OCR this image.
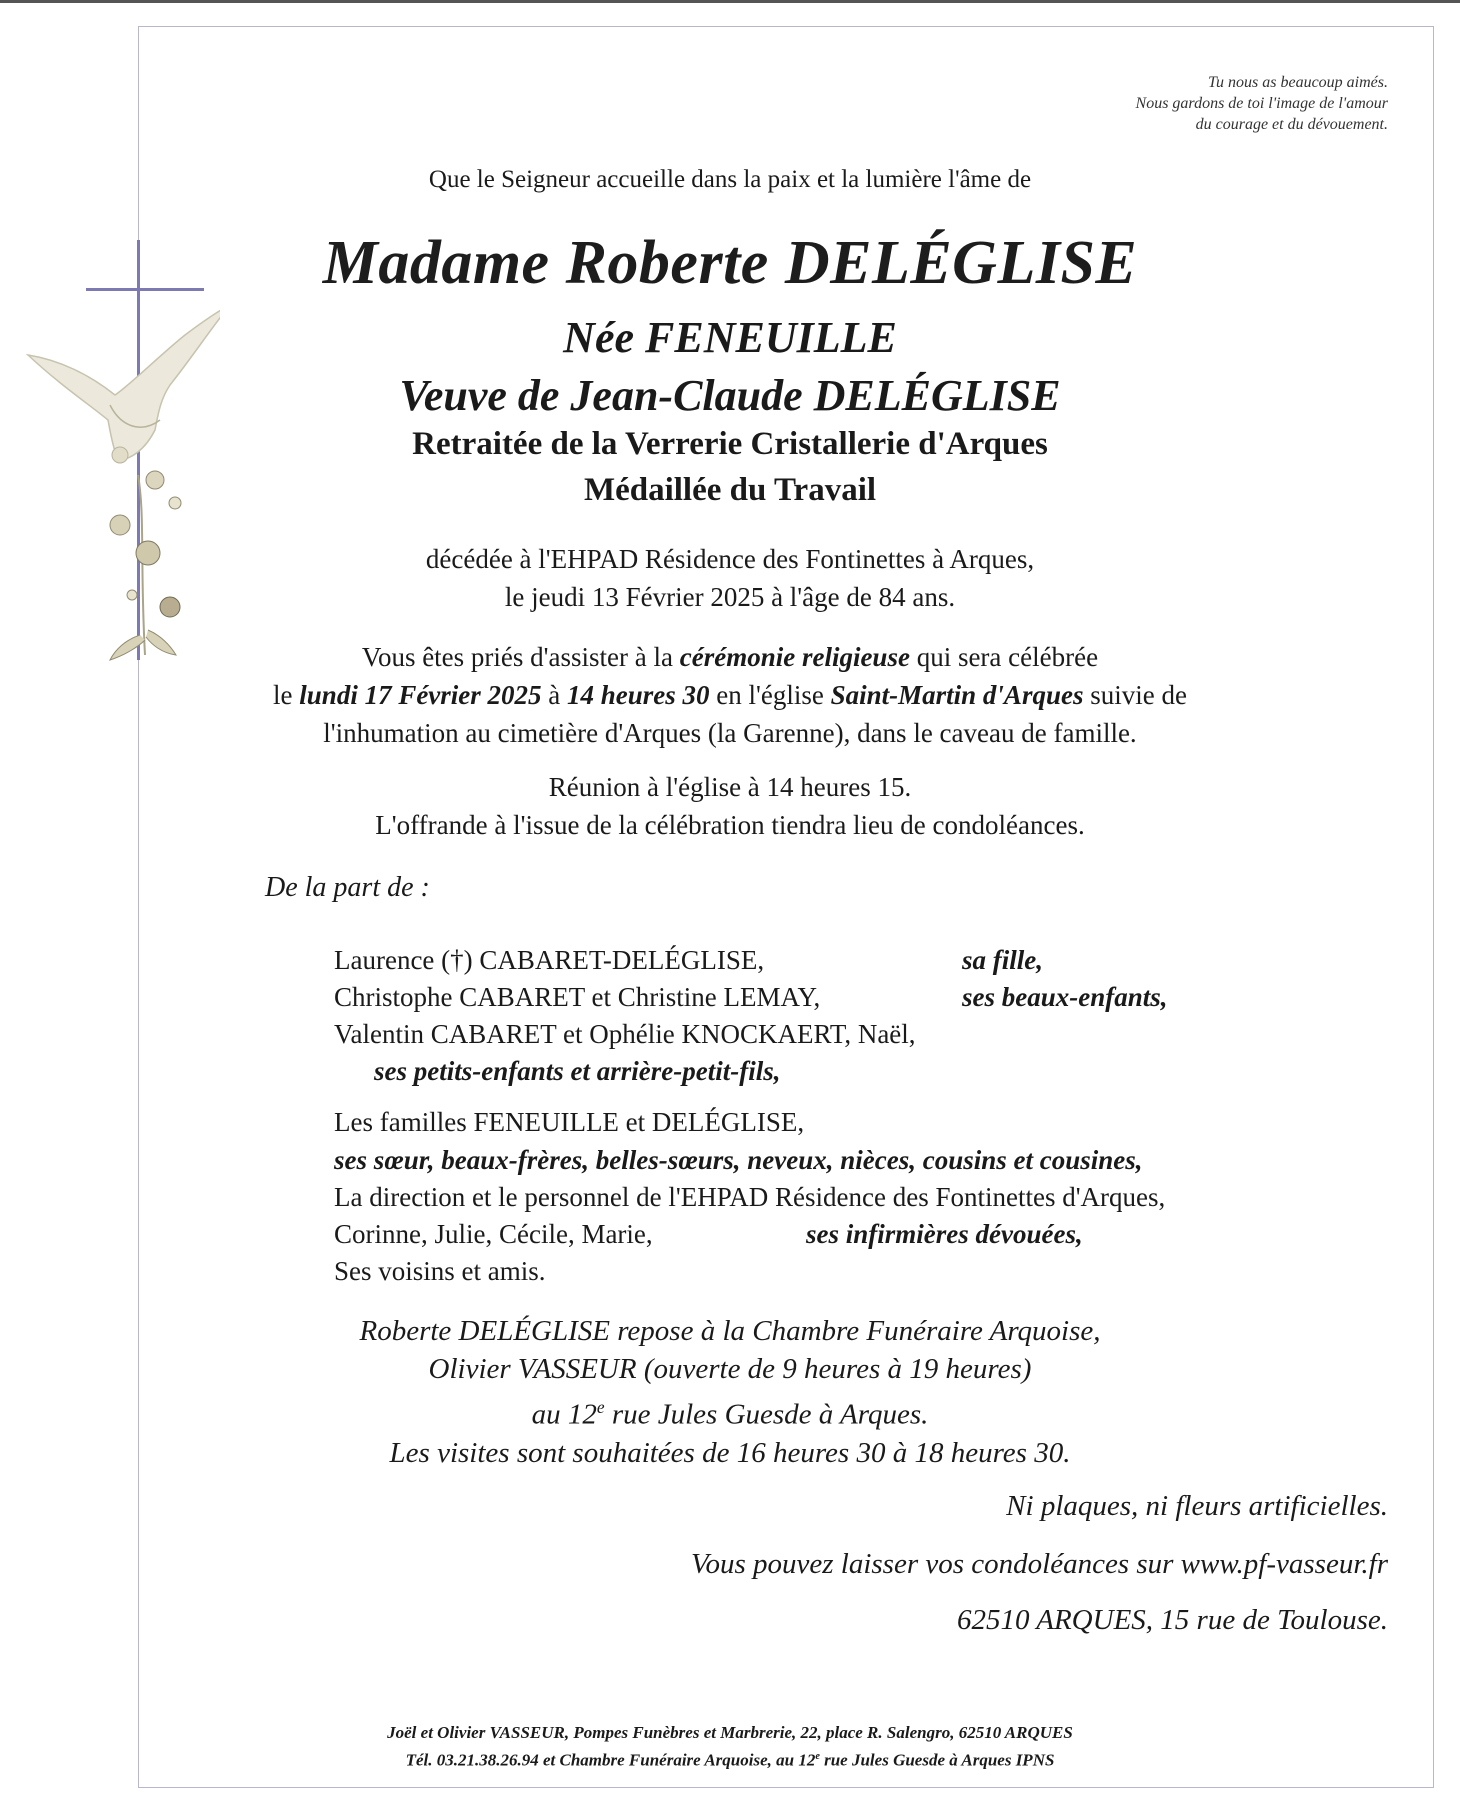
Tu nous as beaucoup aimés.
Nous gardons de toi l'image de l'amour
du courage et du dévouement.
Que le Seigneur accueille dans la paix et la lumière l'âme de
Madame Roberte DELÉGLISE
Née FENEUILLE
Veuve de Jean-Claude DELÉGLISE
Retraitée de la Verrerie Cristallerie d'Arques
Médaillée du Travail
décédée à l'EHPAD Résidence des Fontinettes à Arques,
le jeudi 13 Février 2025 à l'âge de 84 ans.
Vous êtes priés d'assister à la cérémonie religieuse qui sera célébrée
le lundi 17 Février 2025 à 14 heures 30 en l'église Saint-Martin d'Arques suivie de
l'inhumation au cimetière d'Arques (la Garenne), dans le caveau de famille.
Réunion à l'église à 14 heures 15.
L'offrande à l'issue de la célébration tiendra lieu de condoléances.
De la part de :
Laurence (†) CABARET-DELÉGLISE,	sa fille,
Christophe CABARET et Christine LEMAY,	ses beaux-enfants,
Valentin CABARET et Ophélie KNOCKAERT, Naël,
ses petits-enfants et arrière-petit-fils,
Les familles FENEUILLE et DELÉGLISE,
ses sœur, beaux-frères, belles-sœurs, neveux, nièces, cousins et cousines,
La direction et le personnel de l'EHPAD Résidence des Fontinettes d'Arques,
Corinne, Julie, Cécile, Marie,	ses infirmières dévouées,
Ses voisins et amis.
Roberte DELÉGLISE repose à la Chambre Funéraire Arquoise,
Olivier VASSEUR (ouverte de 9 heures à 19 heures)
au 12e rue Jules Guesde à Arques.
Les visites sont souhaitées de 16 heures 30 à 18 heures 30.
Ni plaques, ni fleurs artificielles.
Vous pouvez laisser vos condoléances sur www.pf-vasseur.fr
62510 ARQUES, 15 rue de Toulouse.
Joël et Olivier VASSEUR, Pompes Funèbres et Marbrerie, 22, place R. Salengro, 62510 ARQUES
Tél. 03.21.38.26.94 et Chambre Funéraire Arquoise, au 12e rue Jules Guesde à Arques IPNS
